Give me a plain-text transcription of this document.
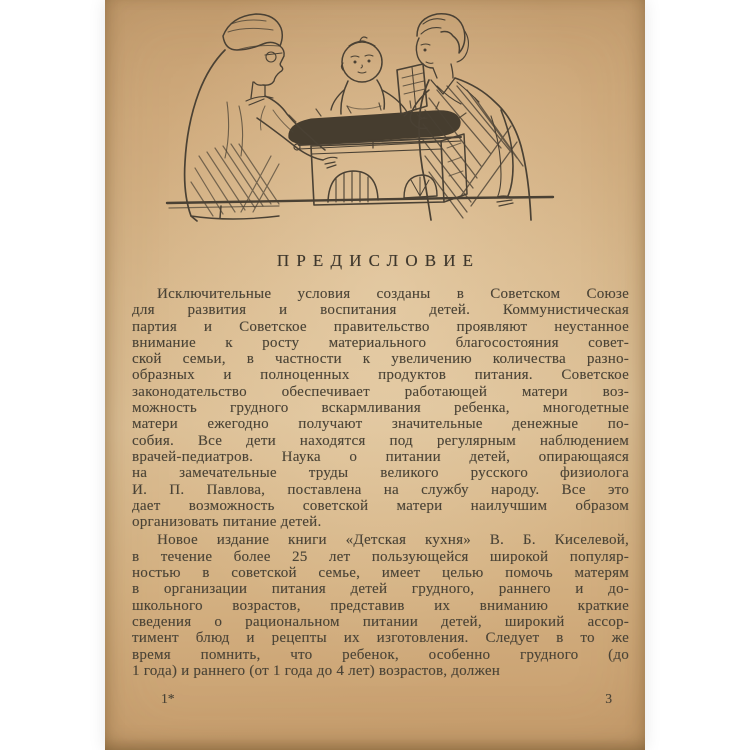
ПРЕДИСЛОВИЕ
Исключительные условия созданы в Советском Союзе
для развития и воспитания детей. Коммунистическая
партия и Советское правительство проявляют неустанное
внимание к росту материального благосостояния совет-
ской семьи, в частности к увеличению количества разно-
образных и полноценных продуктов питания. Советское
законодательство обеспечивает работающей матери воз-
можность грудного вскармливания ребенка, многодетные
матери ежегодно получают значительные денежные по-
собия. Все дети находятся под регулярным наблюдением
врачей-педиатров. Наука о питании детей, опирающаяся
на замечательные труды великого русского физиолога
И. П. Павлова, поставлена на службу народу. Все это
дает возможность советской матери наилучшим образом
организовать питание детей.
Новое издание книги «Детская кухня» В. Б. Киселевой,
в течение более 25 лет пользующейся широкой популяр-
ностью в советской семье, имеет целью помочь матерям
в организации питания детей грудного, раннего и до-
школьного возрастов, представив их вниманию краткие
сведения о рациональном питании детей, широкий ассор-
тимент блюд и рецепты их изготовления. Следует в то же
время помнить, что ребенок, особенно грудного (до
1 года) и раннего (от 1 года до 4 лет) возрастов, должен
1*	3
